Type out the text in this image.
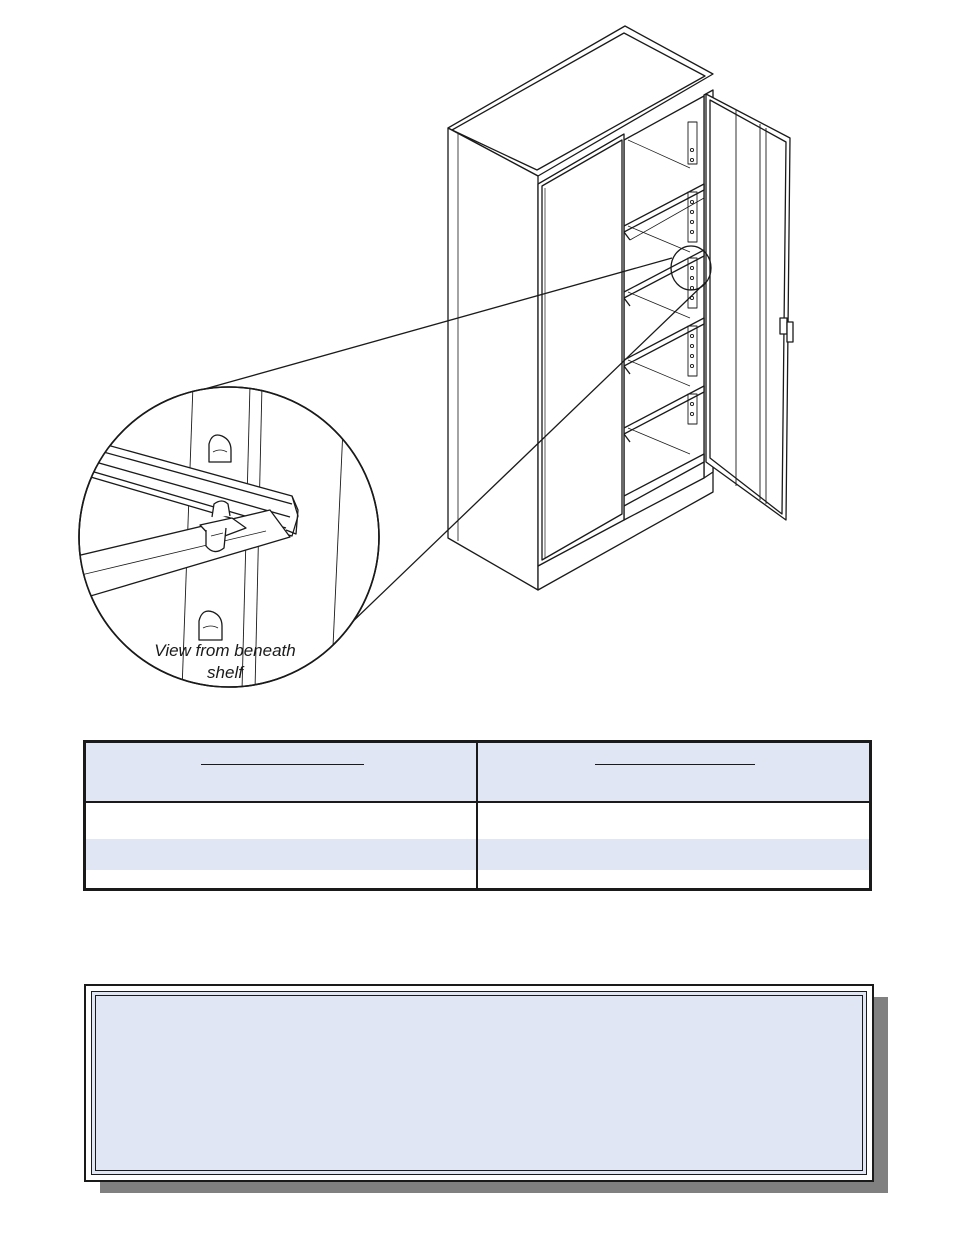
View from beneath
shelf
